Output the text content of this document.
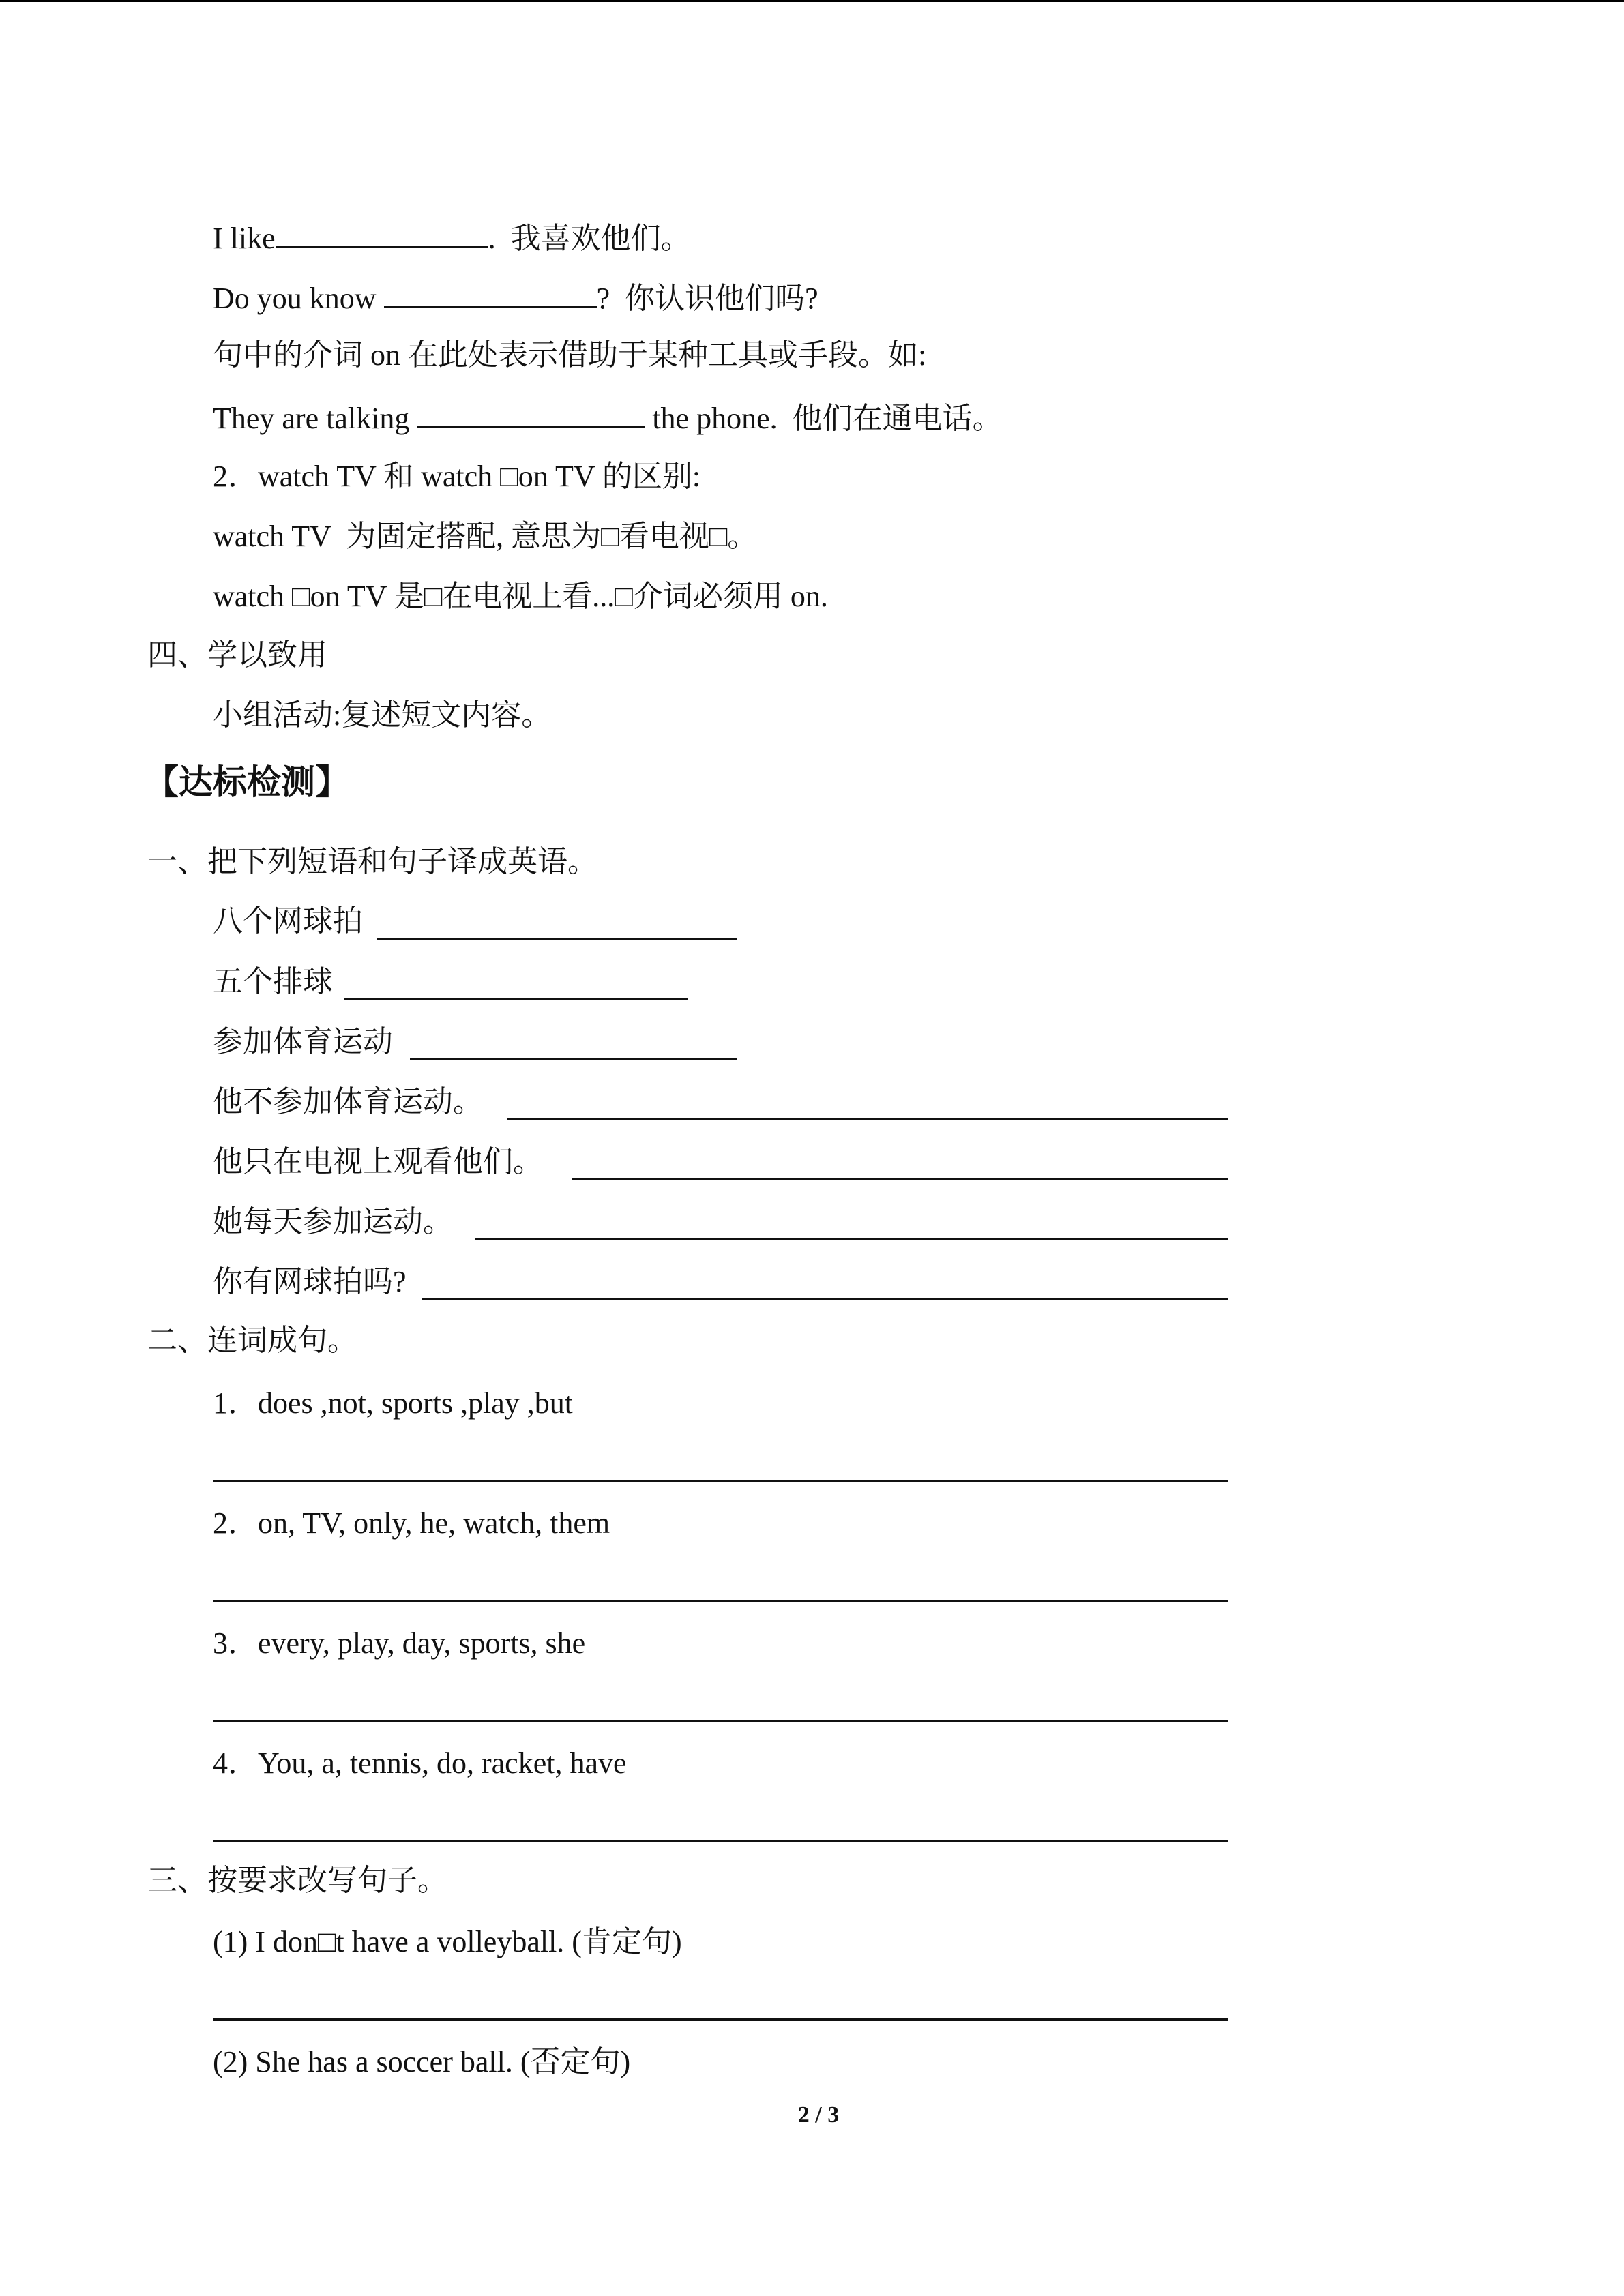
I like	.  我喜欢他们。
Do you know	?  你认识他们吗?
句中的介词 on 在此处表示借助于某种工具或手段。如:
They are talking	the phone.  他们在通电话。
2．watch TV 和 watch □on TV 的区别:
watch TV  为固定搭配, 意思为□看电视□。
watch □on TV 是□在电视上看...□介词必须用 on.
四、学以致用
小组活动:复述短文内容。
【达标检测】
一、把下列短语和句子译成英语。
八个网球拍
五个排球
参加体育运动
他不参加体育运动。
他只在电视上观看他们。
她每天参加运动。
你有网球拍吗?
二、连词成句。
1．does ,not, sports ,play ,but
2．on, TV, only, he, watch, them
3．every, play, day, sports, she
4．You, a, tennis, do, racket, have
三、按要求改写句子。
(1) I don□t have a volleyball. (肯定句)
(2) She has a soccer ball. (否定句)
2 / 3
